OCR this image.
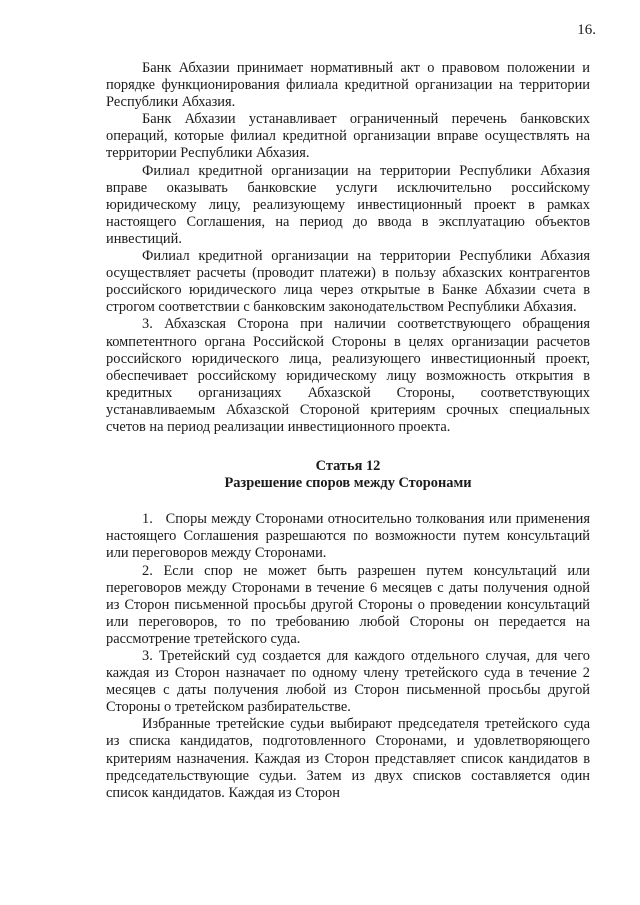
16.

Банк Абхазии принимает нормативный акт о правовом положении и порядке функционирования филиала кредитной организации на территории Республики Абхазия.

Банк Абхазии устанавливает ограниченный перечень банковских операций, которые филиал кредитной организации вправе осуществлять на территории Республики Абхазия.

Филиал кредитной организации на территории Республики Абхазия вправе оказывать банковские услуги исключительно российскому юридическому лицу, реализующему инвестиционный проект в рамках настоящего Соглашения, на период до ввода в эксплуатацию объектов инвестиций.

Филиал кредитной организации на территории Республики Абхазия осуществляет расчеты (проводит платежи) в пользу абхазских контрагентов российского юридического лица через открытые в Банке Абхазии счета в строгом соответствии с банковским законодательством Республики Абхазия.

3. Абхазская Сторона при наличии соответствующего обращения компетентного органа Российской Стороны в целях организации расчетов российского юридического лица, реализующего инвестиционный проект, обеспечивает российскому юридическому лицу возможность открытия в кредитных организациях Абхазской Стороны, соответствующих устанавливаемым Абхазской Стороной критериям срочных специальных счетов на период реализации инвестиционного проекта.

Статья 12

Разрешение споров между Сторонами

1.   Споры между Сторонами относительно толкования или применения настоящего Соглашения разрешаются по возможности путем консультаций или переговоров между Сторонами.

2. Если спор не может быть разрешен путем консультаций или переговоров между Сторонами в течение 6 месяцев с даты получения одной из Сторон письменной просьбы другой Стороны о проведении консультаций или переговоров, то по требованию любой Стороны он передается на рассмотрение третейского суда.

3. Третейский суд создается для каждого отдельного случая, для чего каждая из Сторон назначает по одному члену третейского суда в течение 2 месяцев с даты получения любой из Сторон письменной просьбы другой Стороны о третейском разбирательстве.

Избранные третейские судьи выбирают председателя третейского суда из списка кандидатов, подготовленного Сторонами, и удовлетворяющего критериям назначения. Каждая из Сторон представляет список кандидатов в председательствующие судьи. Затем из двух списков составляется один список кандидатов. Каждая из Сторон
